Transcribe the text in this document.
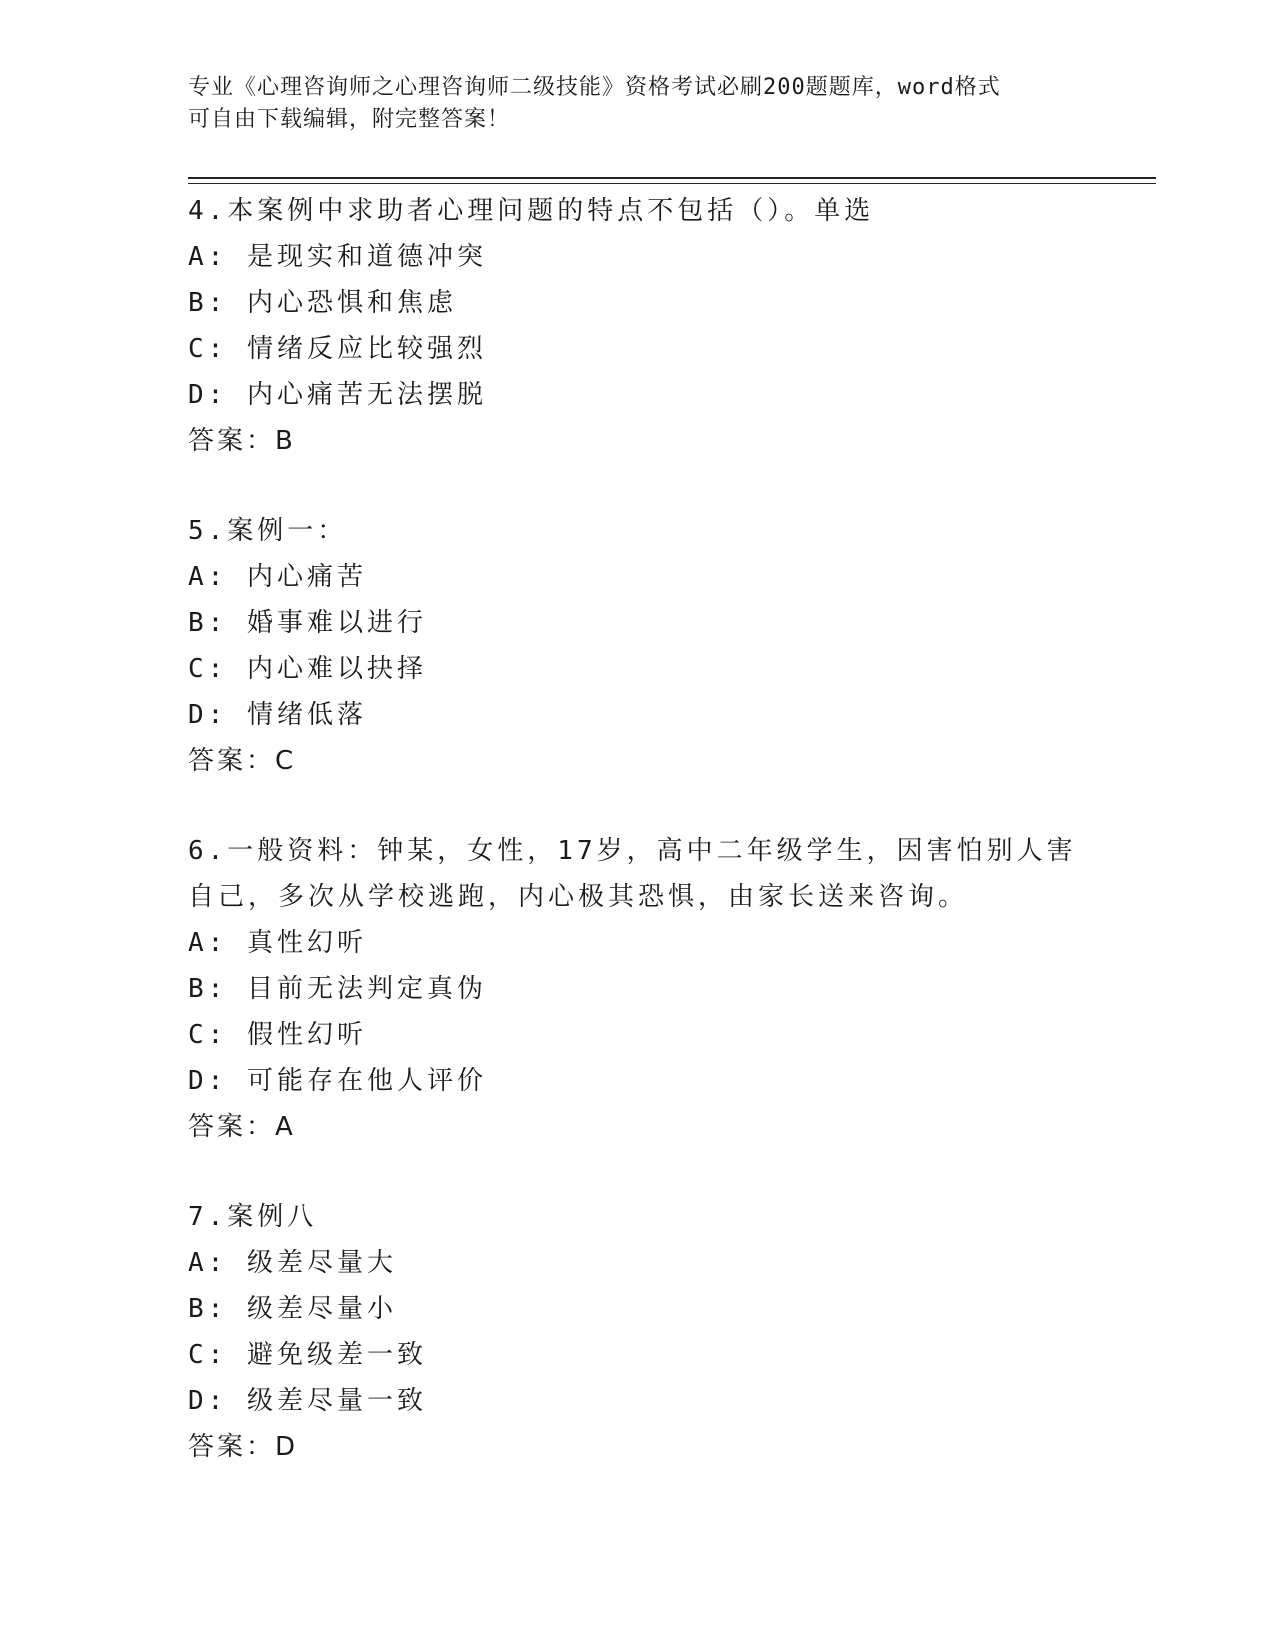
专业《心理咨询师之心理咨询师二级技能》资格考试必刷200题题库，word格式
可自由下载编辑，附完整答案！

4.本案例中求助者心理问题的特点不包括（）。单选

A: 是现实和道德冲突

B: 内心恐惧和焦虑

C: 情绪反应比较强烈

D: 内心痛苦无法摆脱

答案：B

5.案例一：

A: 内心痛苦

B: 婚事难以进行

C: 内心难以抉择

D: 情绪低落

答案：C

6.一般资料：钟某，女性，17岁，高中二年级学生，因害怕别人害自己，多次从学校逃跑，内心极其恐惧，由家长送来咨询。

A: 真性幻听

B: 目前无法判定真伪

C: 假性幻听

D: 可能存在他人评价

答案：A

7.案例八

A: 级差尽量大

B: 级差尽量小

C: 避免级差一致

D: 级差尽量一致

答案：D
